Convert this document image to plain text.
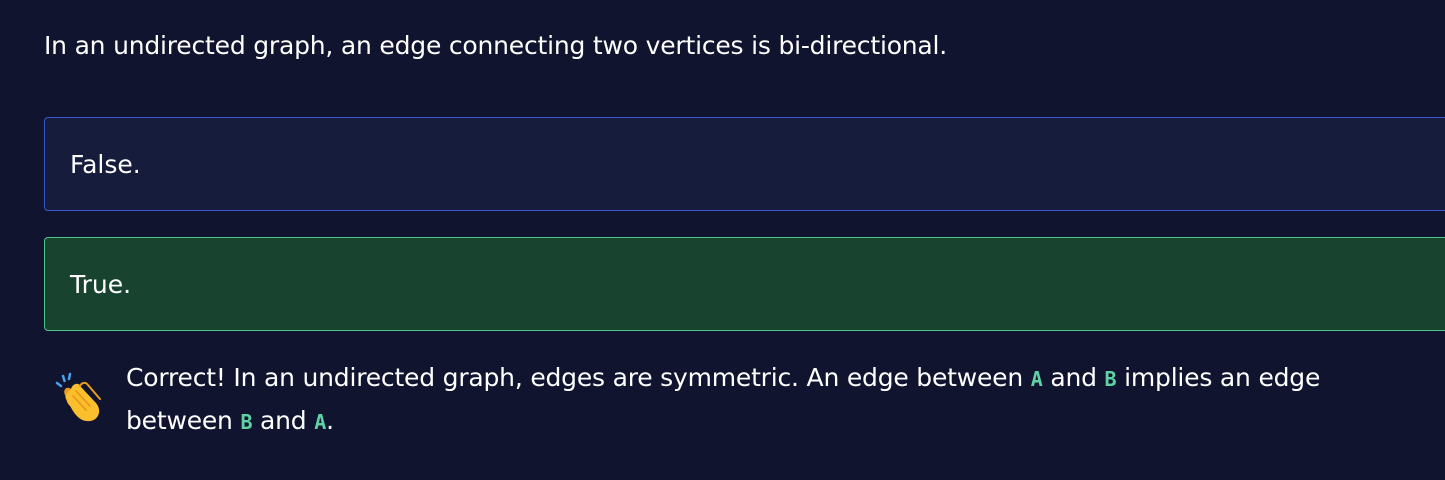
In an undirected graph, an edge connecting two vertices is bi-directional.
False.
True.
Correct! In an undirected graph, edges are symmetric. An edge between A and B implies an edge between B and A.
